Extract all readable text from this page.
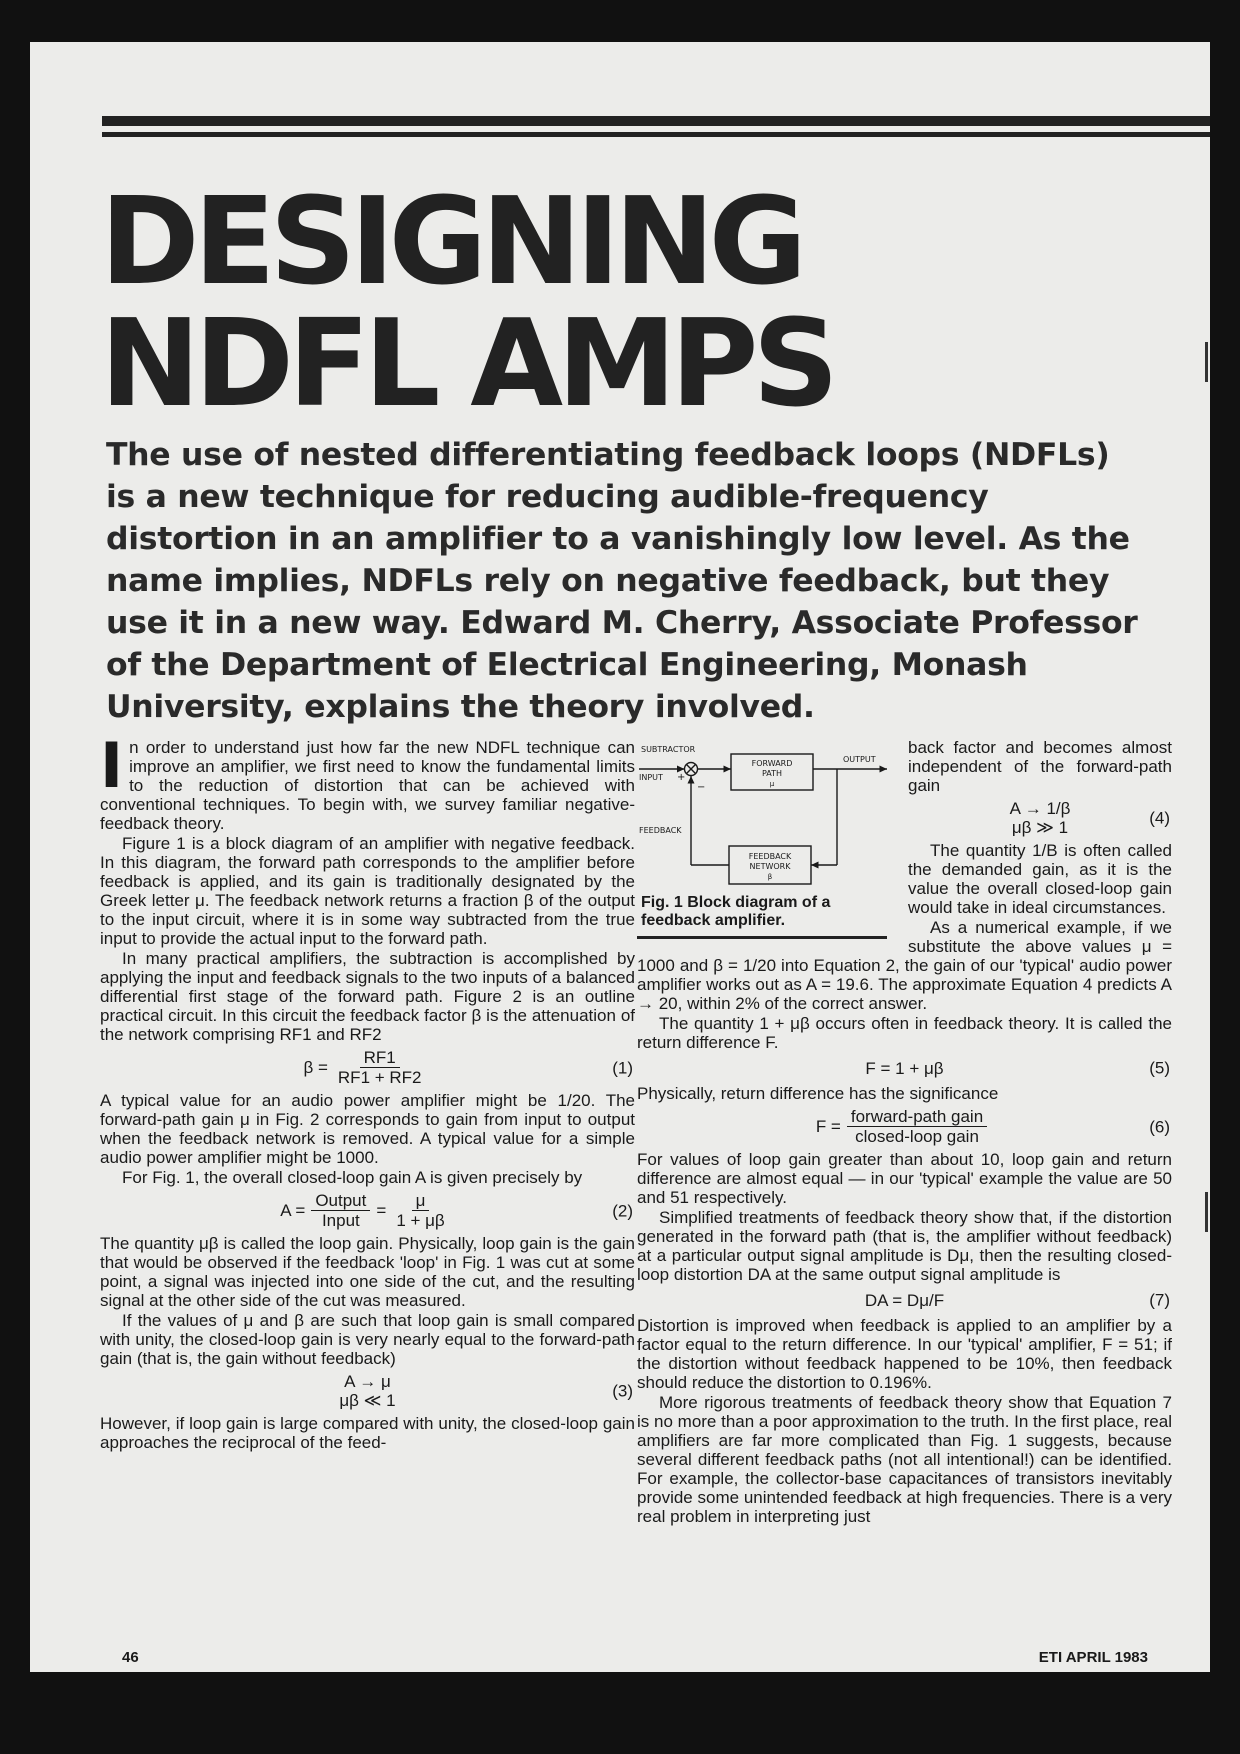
DESIGNING
NDFL AMPS

The use of nested differentiating feedback loops (NDFLs) is a new technique for reducing audible-frequency distortion in an amplifier to a vanishingly low level. As the name implies, NDFLs rely on negative feedback, but they use it in a new way. Edward M. Cherry, Associate Professor of the Department of Electrical Engineering, Monash University, explains the theory involved.

In order to understand just how far the new NDFL technique can improve an amplifier, we first need to know the fundamental limits to the reduction of distortion that can be achieved with conventional techniques. To begin with, we survey familiar negative-feedback theory.

Figure 1 is a block diagram of an amplifier with negative feedback. In this diagram, the forward path corresponds to the amplifier before feedback is applied, and its gain is traditionally designated by the Greek letter μ. The feedback network returns a fraction β of the output to the input circuit, where it is in some way subtracted from the true input to provide the actual input to the forward path.

In many practical amplifiers, the subtraction is accomplished by applying the input and feedback signals to the two inputs of a balanced differential first stage of the forward path. Figure 2 is an outline practical circuit. In this circuit the feedback factor β is the attenuation of the network comprising RF1 and RF2

$\beta = \frac{RF1}{RF1 + RF2}$	(1)

A typical value for an audio power amplifier might be 1/20. The forward-path gain μ in Fig. 2 corresponds to gain from input to output when the feedback network is removed. A typical value for a simple audio power amplifier might be 1000.

For Fig. 1, the overall closed-loop gain A is given precisely by

$A = \frac{\text{Output}}{\text{Input}} = \frac{\mu}{1 + \mu\beta}$	(2)

The quantity μβ is called the loop gain. Physically, loop gain is the gain that would be observed if the feedback 'loop' in Fig. 1 was cut at some point, a signal was injected into one side of the cut, and the resulting signal at the other side of the cut was measured.

If the values of μ and β are such that loop gain is small compared with unity, the closed-loop gain is very nearly equal to the forward-path gain (that is, the gain without feedback)

A → μ
μβ ≪ 1	(3)

However, if loop gain is large compared with unity, the closed-loop gain approaches the reciprocal of the feed-

SUBTRACTOR
INPUT +
−
FORWARD
PATH
μ
OUTPUT
FEEDBACK
FEEDBACK
NETWORK
β
Fig. 1 Block diagram of a feedback amplifier.

back factor and becomes almost independent of the forward-path gain

A → 1/β
μβ ≫ 1	(4)

The quantity 1/B is often called the demanded gain, as it is the value the overall closed-loop gain would take in ideal circumstances.

As a numerical example, if we substitute the above values μ = 1000 and β = 1/20 into Equation 2, the gain of our 'typical' audio power amplifier works out as A = 19.6. The approximate Equation 4 predicts A → 20, within 2% of the correct answer.

The quantity 1 + μβ occurs often in feedback theory. It is called the return difference F.

F = 1 + μβ	(5)

Physically, return difference has the significance

$F = \frac{\text{forward-path gain}}{\text{closed-loop gain}}$	(6)

For values of loop gain greater than about 10, loop gain and return difference are almost equal — in our 'typical' example the value are 50 and 51 respectively.

Simplified treatments of feedback theory show that, if the distortion generated in the forward path (that is, the amplifier without feedback) at a particular output signal amplitude is Dμ, then the resulting closed-loop distortion DA at the same output signal amplitude is

DA = Dμ/F	(7)

Distortion is improved when feedback is applied to an amplifier by a factor equal to the return difference. In our 'typical' amplifier, F = 51; if the distortion without feedback happened to be 10%, then feedback should reduce the distortion to 0.196%.

More rigorous treatments of feedback theory show that Equation 7 is no more than a poor approximation to the truth. In the first place, real amplifiers are far more complicated than Fig. 1 suggests, because several different feedback paths (not all intentional!) can be identified. For example, the collector-base capacitances of transistors inevitably provide some unintended feedback at high frequencies. There is a very real problem in interpreting just

46	ETI APRIL 1983
